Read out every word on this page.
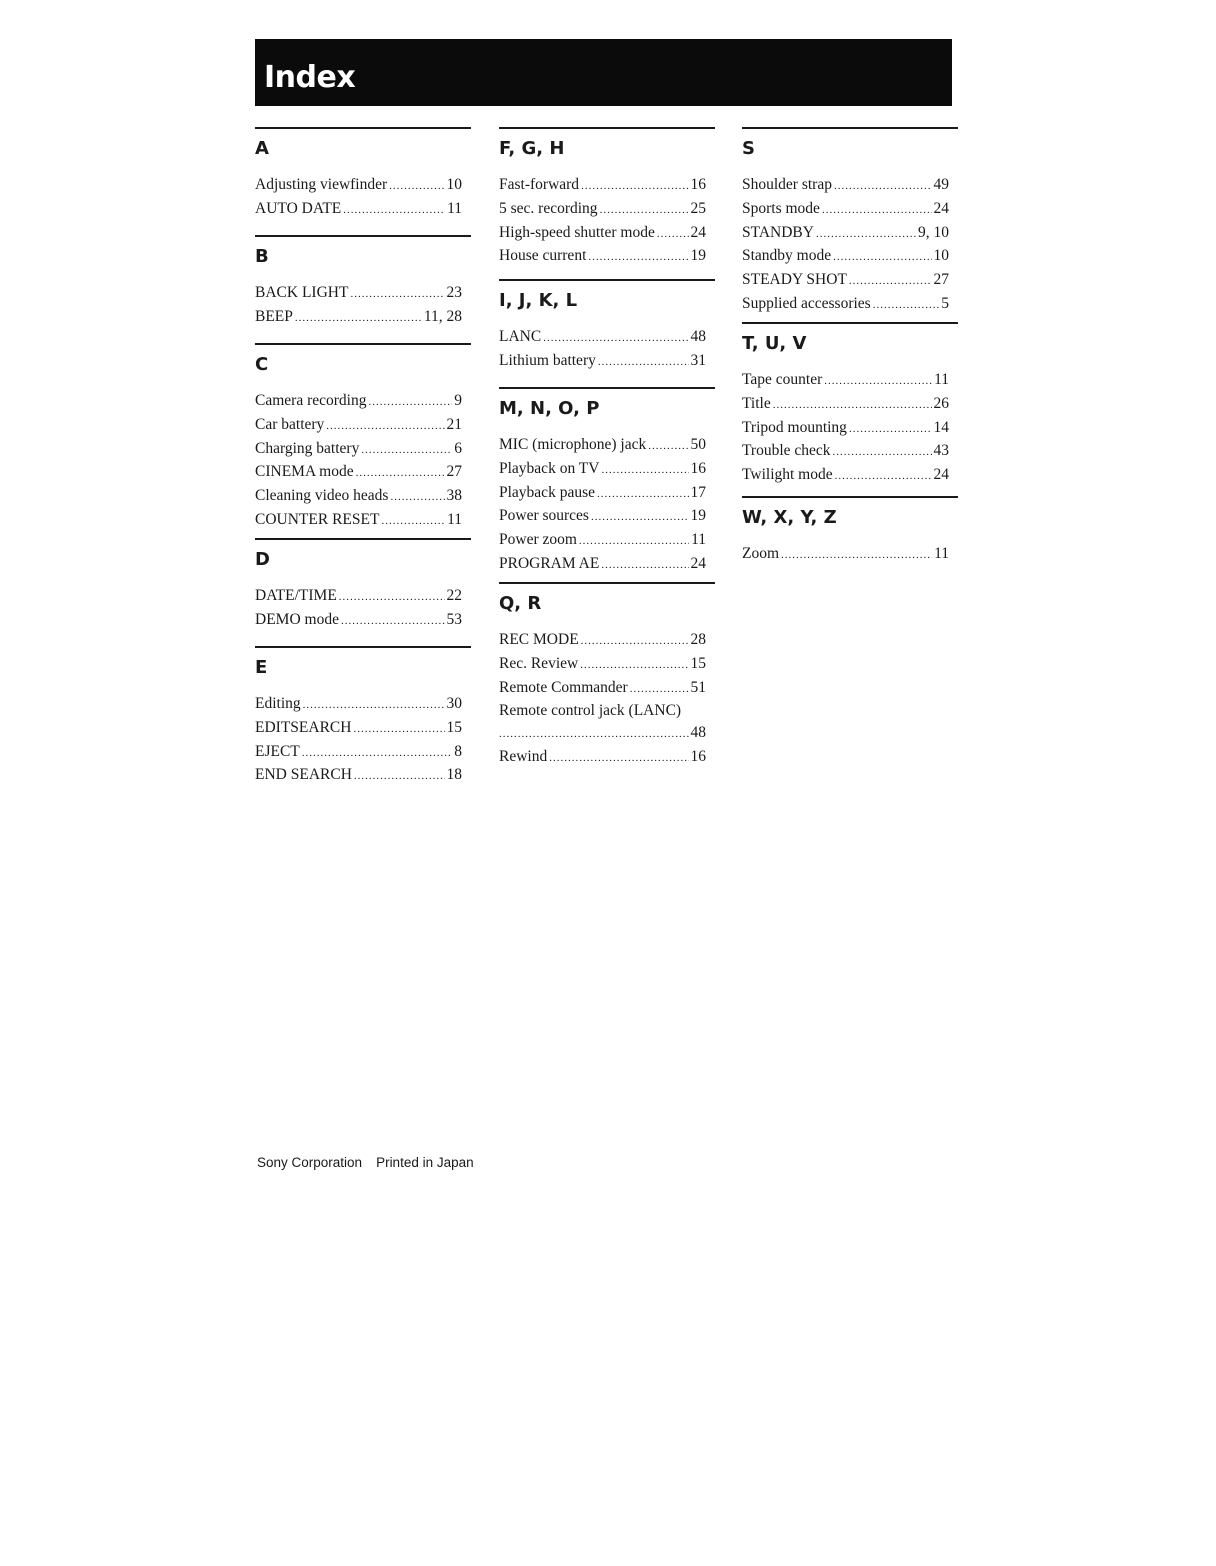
Index
A
Adjusting viewfinder .....	10
AUTO DATE .....	11
B
BACK LIGHT .....	23
BEEP .....	11, 28
C
Camera recording .....	9
Car battery .....	21
Charging battery .....	6
CINEMA mode .....	27
Cleaning video heads .....	38
COUNTER RESET .....	11
D
DATE/TIME .....	22
DEMO mode .....	53
E
Editing .....	30
EDITSEARCH .....	15
EJECT .....	8
END SEARCH .....	18
F, G, H
Fast-forward .....	16
5 sec. recording .....	25
High-speed shutter mode ..... 24
House current .....	19
I, J, K, L
LANC .....	48
Lithium battery .....	31
M, N, O, P
MIC (microphone) jack .....	50
Playback on TV .....	16
Playback pause .....	17
Power sources .....	19
Power zoom .....	11
PROGRAM AE .....	24
Q, R
REC MODE .....	28
Rec. Review .....	15
Remote Commander .....	51
Remote control jack (LANC)
.....
48
Rewind .....	16
S
Shoulder strap .....	49
Sports mode .....	24
STANDBY .....	9, 10
Standby mode .....	10
STEADY SHOT .....	27
Supplied accessories .....	5
T, U, V
Tape counter .....	11
Title .....	26
Tripod mounting .....	14
Trouble check .....	43
Twilight mode .....	24
W, X, Y, Z
Zoom .....	11
Sony Corporation Printed in Japan
